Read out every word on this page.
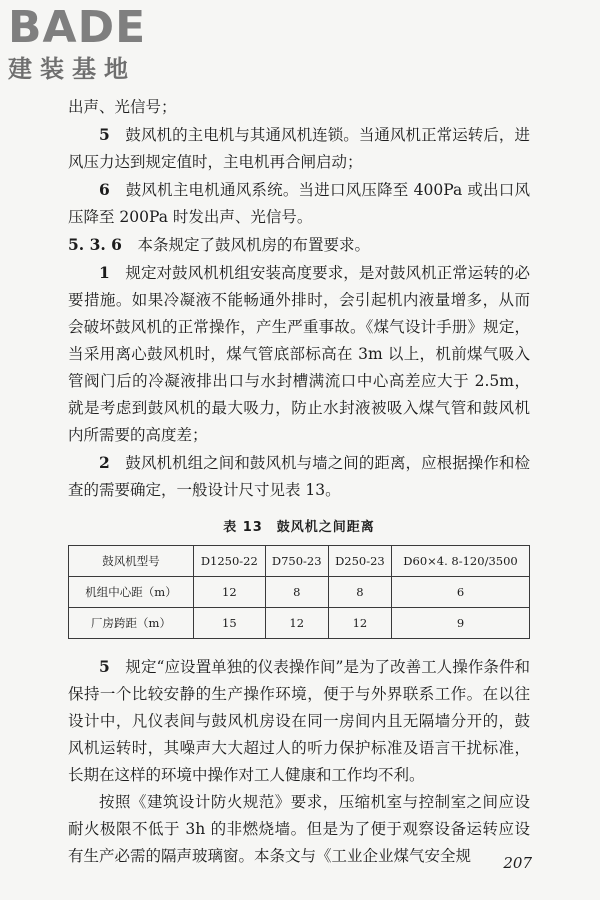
BADE
建装基地

出声、光信号；

5　 鼓风机的主电机与其通风机连锁。当通风机正常运转后，进风压力达到规定值时，主电机再合闸启动；

6　 鼓风机主电机通风系统。当进口风压降至 400Pa 或出口风压降至 200Pa 时发出声、光信号。

5. 3. 6　 本条规定了鼓风机房的布置要求。

1　 规定对鼓风机机组安装高度要求，是对鼓风机正常运转的必要措施。如果冷凝液不能畅通外排时，会引起机内液量增多，从而会破坏鼓风机的正常操作，产生严重事故。《煤气设计手册》规定，当采用离心鼓风机时，煤气管底部标高在 3m 以上，机前煤气吸入管阀门后的冷凝液排出口与水封槽满流口中心高差应大于 2.5m，就是考虑到鼓风机的最大吸力，防止水封液被吸入煤气管和鼓风机内所需要的高度差；

2　 鼓风机机组之间和鼓风机与墙之间的距离，应根据操作和检查的需要确定，一般设计尺寸见表 13。

表 13　鼓风机之间距离
鼓风机型号	D1250-22	D750-23	D250-23	D60×4. 8-120/3500
机组中心距（m）	12	8	8	6
厂房跨距（m）	15	12	12	9

5　 规定“应设置单独的仪表操作间”是为了改善工人操作条件和保持一个比较安静的生产操作环境，便于与外界联系工作。在以往设计中，凡仪表间与鼓风机房设在同一房间内且无隔墙分开的，鼓风机运转时，其噪声大大超过人的听力保护标准及语言干扰标准，长期在这样的环境中操作对工人健康和工作均不利。

按照《建筑设计防火规范》要求，压缩机室与控制室之间应设耐火极限不低于 3h 的非燃烧墙。但是为了便于观察设备运转应设有生产必需的隔声玻璃窗。本条文与《工业企业煤气安全规	207
